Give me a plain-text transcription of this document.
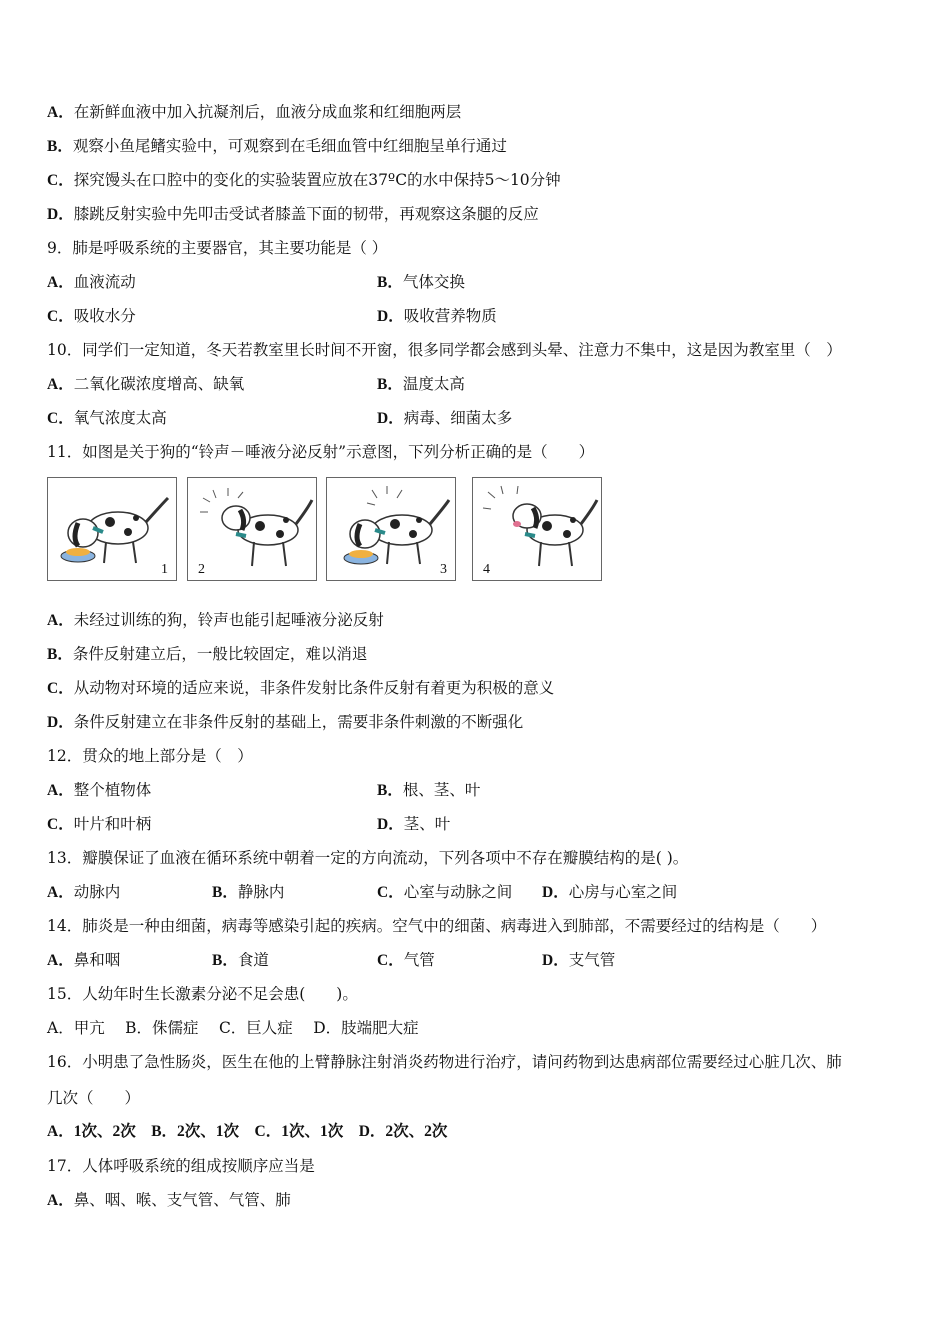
A．在新鲜血液中加入抗凝剂后，血液分成血浆和红细胞两层
B．观察小鱼尾鳍实验中，可观察到在毛细血管中红细胞呈单行通过
C．探究馒头在口腔中的变化的实验装置应放在37ºC的水中保持5～10分钟
D．膝跳反射实验中先叩击受试者膝盖下面的韧带，再观察这条腿的反应
9．肺是呼吸系统的主要器官，其主要功能是（ ）
A．血液流动	B．气体交换
C．吸收水分	D．吸收营养物质
10．同学们一定知道，冬天若教室里长时间不开窗，很多同学都会感到头晕、注意力不集中，这是因为教室里（　）
A．二氧化碳浓度增高、缺氧	B．温度太高
C．氧气浓度太高	D．病毒、细菌太多
11．如图是关于狗的“铃声－唾液分泌反射”示意图，下列分析正确的是（　　）
1 2	3	4
A．未经过训练的狗，铃声也能引起唾液分泌反射
B．条件反射建立后，一般比较固定，难以消退
C．从动物对环境的适应来说，非条件发射比条件反射有着更为积极的意义
D．条件反射建立在非条件反射的基础上，需要非条件刺激的不断强化
12．贯众的地上部分是（　）
A．整个植物体	B．根、茎、叶
C．叶片和叶柄	D．茎、叶
13．瓣膜保证了血液在循环系统中朝着一定的方向流动，下列各项中不存在瓣膜结构的是( )。
A．动脉内	B．静脉内	C．心室与动脉之间 D．心房与心室之间
14．肺炎是一种由细菌，病毒等感染引起的疾病。空气中的细菌、病毒进入到肺部，不需要经过的结构是（　　）
A．鼻和咽	B．食道	C．气管	D．支气管
15．人幼年时生长激素分泌不足会患(　　)。
A．甲亢　 B．侏儒症　 C．巨人症　 D．肢端肥大症
16．小明患了急性肠炎，医生在他的上臂静脉注射消炎药物进行治疗，请问药物到达患病部位需要经过心脏几次、肺
几次（　　）
A．1次、2次　B．2次、1次　C．1次、1次　D．2次、2次
17．人体呼吸系统的组成按顺序应当是
A．鼻、咽、喉、支气管、气管、肺
